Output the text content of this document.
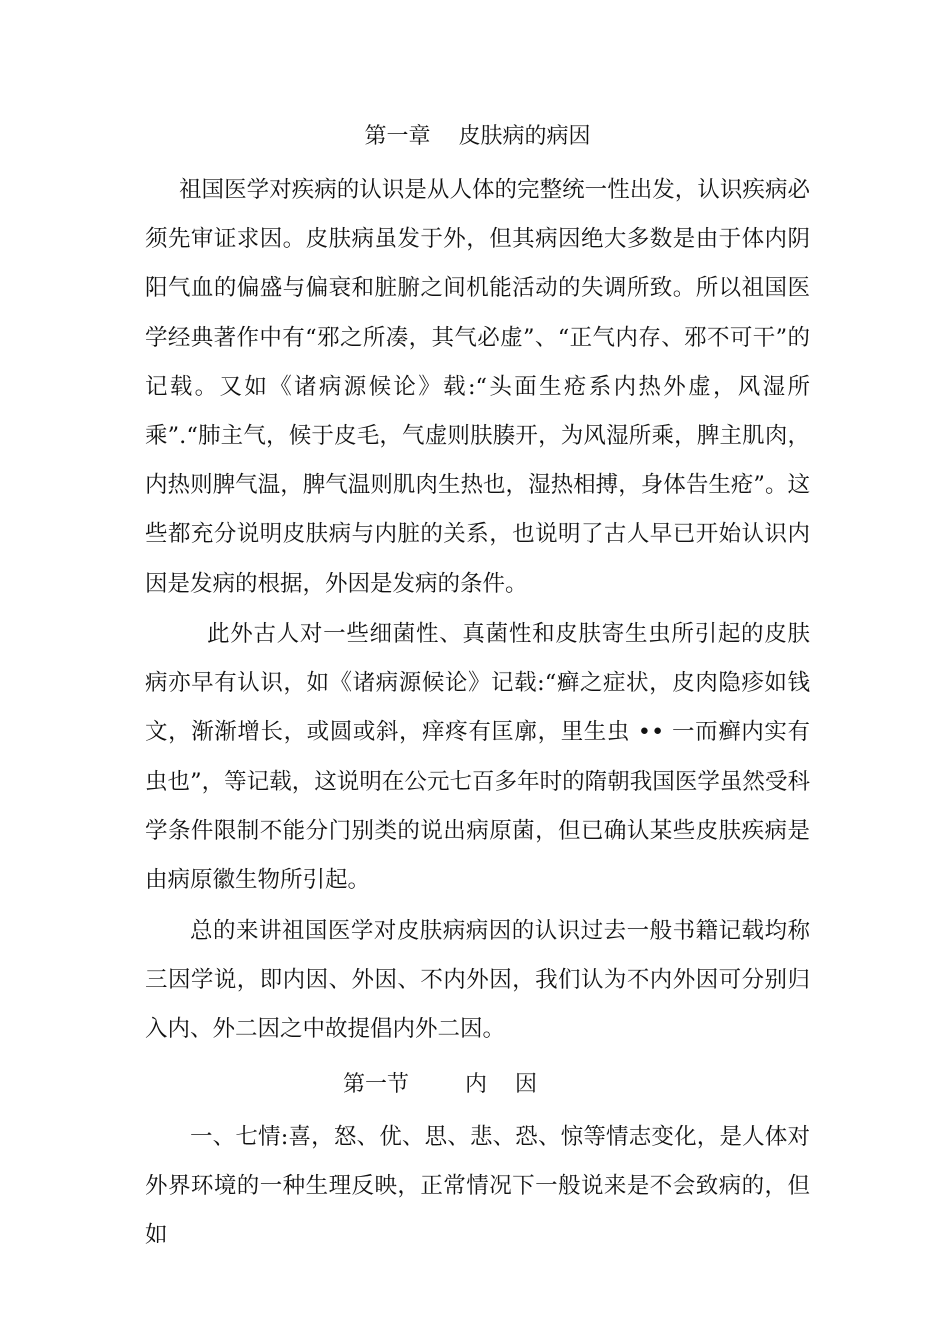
第一章    皮肤病的病因

祖国医学对疾病的认识是从人体的完整统一性出发，认识疾病必须先审证求因。皮肤病虽发于外，但其病因绝大多数是由于体内阴阳气血的偏盛与偏衰和脏腑之间机能活动的失调所致。所以祖国医学经典著作中有“邪之所凑，其气必虚”、“正气内存、邪不可干”的记载。又如《诸病源候论》载:“头面生疮系内热外虚，风湿所乘”.“肺主气，候于皮毛，气虚则肤腠开，为风湿所乘，脾主肌肉，内热则脾气温，脾气温则肌肉生热也，湿热相搏，身体告生疮”。这些都充分说明皮肤病与内脏的关系，也说明了古人早已开始认识内因是发病的根据，外因是发病的条件。

此外古人对一些细菌性、真菌性和皮肤寄生虫所引起的皮肤病亦早有认识，如《诸病源候论》记载:“癣之症状，皮肉隐疹如钱文，渐渐增长，或圆或斜，痒疼有匡廓，里生虫 •• 一而癣内实有虫也”，等记载，这说明在公元七百多年时的隋朝我国医学虽然受科学条件限制不能分门别类的说出病原菌，但已确认某些皮肤疾病是由病原徽生物所引起。

总的来讲祖国医学对皮肤病病因的认识过去一般书籍记载均称三因学说，即内因、外因、不内外因，我们认为不内外因可分别归入内、外二因之中故提倡内外二因。

第一节        内    因

一、七情:喜，怒、优、思、悲、恐、惊等情志变化，是人体对外界环境的一种生理反映，正常情况下一般说来是不会致病的，但如
